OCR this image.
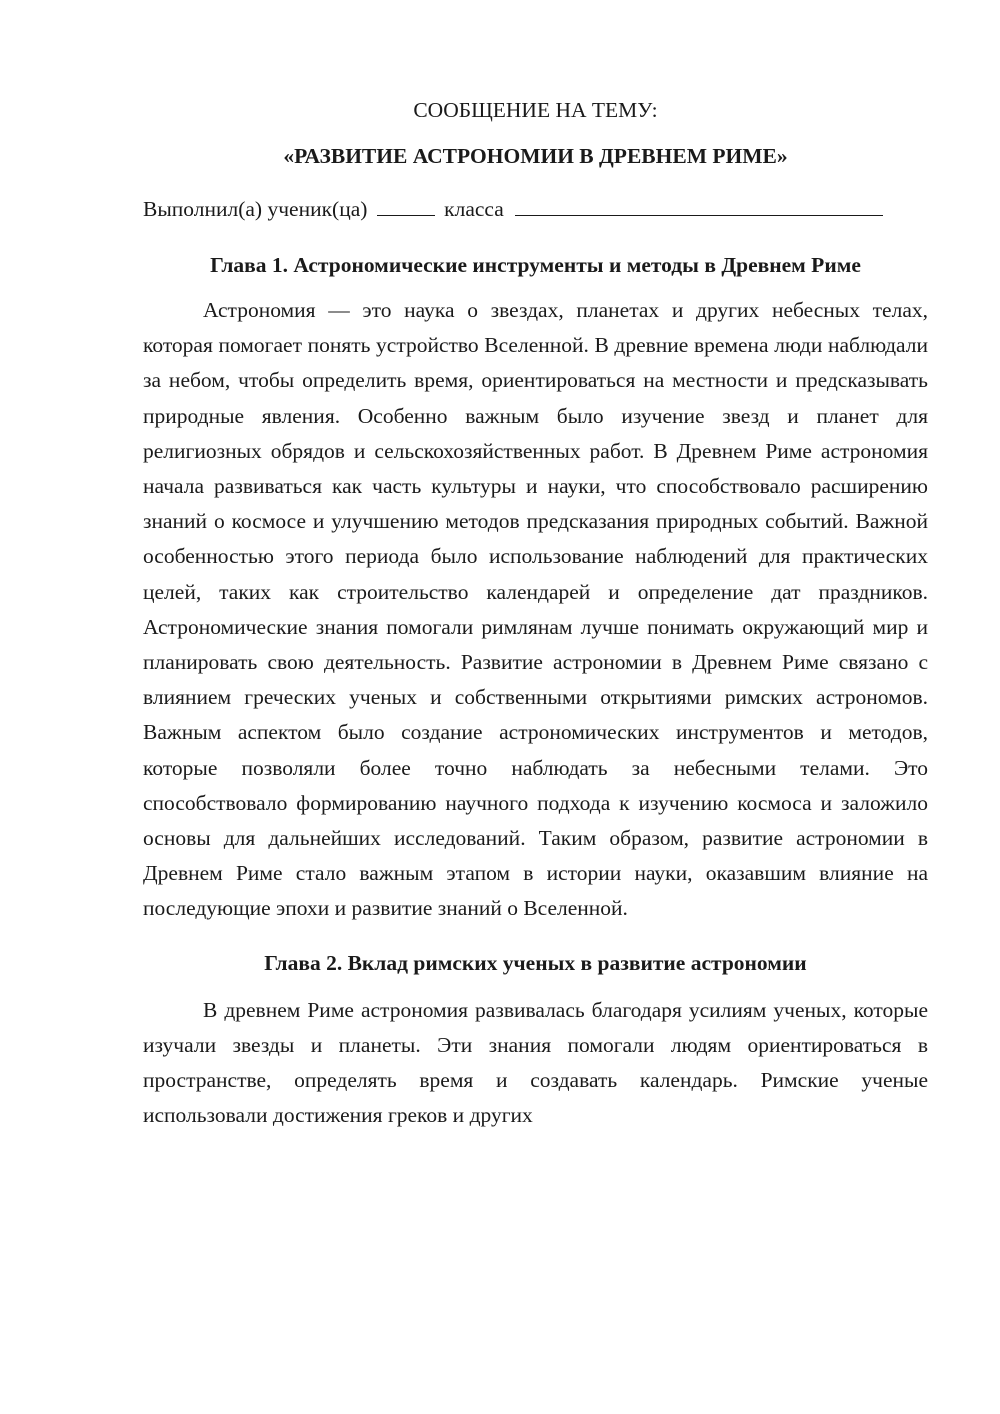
СООБЩЕНИЕ НА ТЕМУ:
«РАЗВИТИЕ АСТРОНОМИИ В ДРЕВНЕМ РИМЕ»
Выполнил(а) ученик(ца)	класса
Глава 1. Астрономические инструменты и методы в Древнем Риме

Астрономия — это наука о звездах, планетах и других небесных телах, которая помогает понять устройство Вселенной. В древние времена люди наблюдали за небом, чтобы определить время, ориентироваться на местности и предсказывать природные явления. Особенно важным было изучение звезд и планет для религиозных обрядов и сельскохозяйственных работ. В Древнем Риме астрономия начала развиваться как часть культуры и науки, что способствовало расширению знаний о космосе и улучшению методов предсказания природных событий. Важной особенностью этого периода было использование наблюдений для практических целей, таких как строительство календарей и определение дат праздников. Астрономические знания помогали римлянам лучше понимать окружающий мир и планировать свою деятельность. Развитие астрономии в Древнем Риме связано с влиянием греческих ученых и собственными открытиями римских астрономов. Важным аспектом было создание астрономических инструментов и методов, которые позволяли более точно наблюдать за небесными телами. Это способствовало формированию научного подхода к изучению космоса и заложило основы для дальнейших исследований. Таким образом, развитие астрономии в Древнем Риме стало важным этапом в истории науки, оказавшим влияние на последующие эпохи и развитие знаний о Вселенной.

Глава 2. Вклад римских ученых в развитие астрономии

В древнем Риме астрономия развивалась благодаря усилиям ученых, которые изучали звезды и планеты. Эти знания помогали людям ориентироваться в пространстве, определять время и создавать календарь. Римские ученые использовали достижения греков и других
